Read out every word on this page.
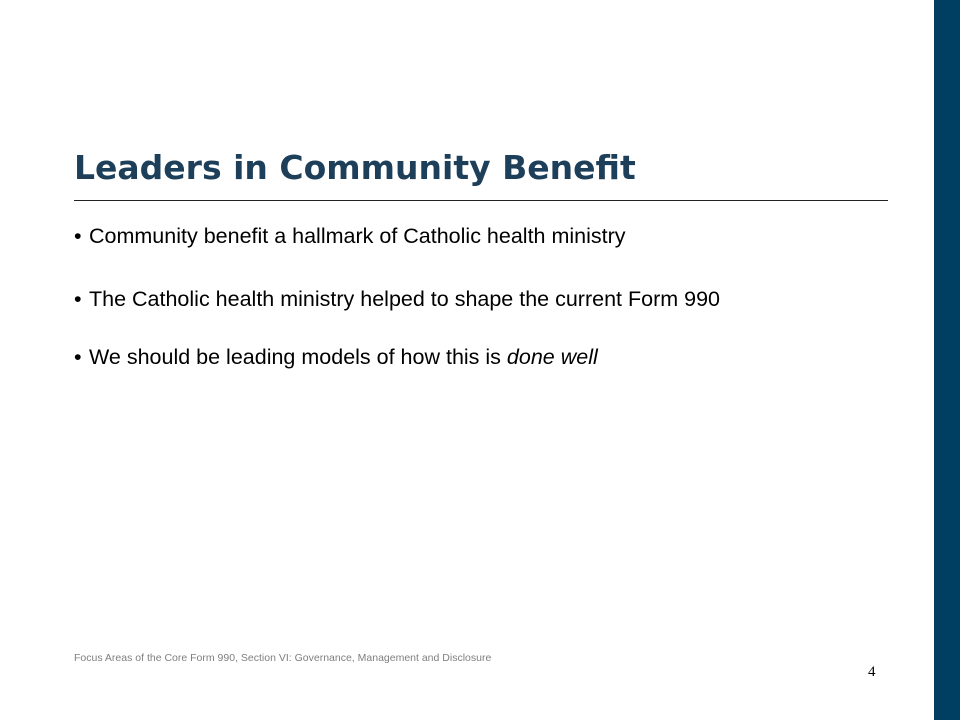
Leaders in Community Benefit
• Community benefit a hallmark of Catholic health ministry
• The Catholic health ministry helped to shape the current Form 990
• We should be leading models of how this is done well
Focus Areas of the Core Form 990, Section VI: Governance, Management and Disclosure
4
